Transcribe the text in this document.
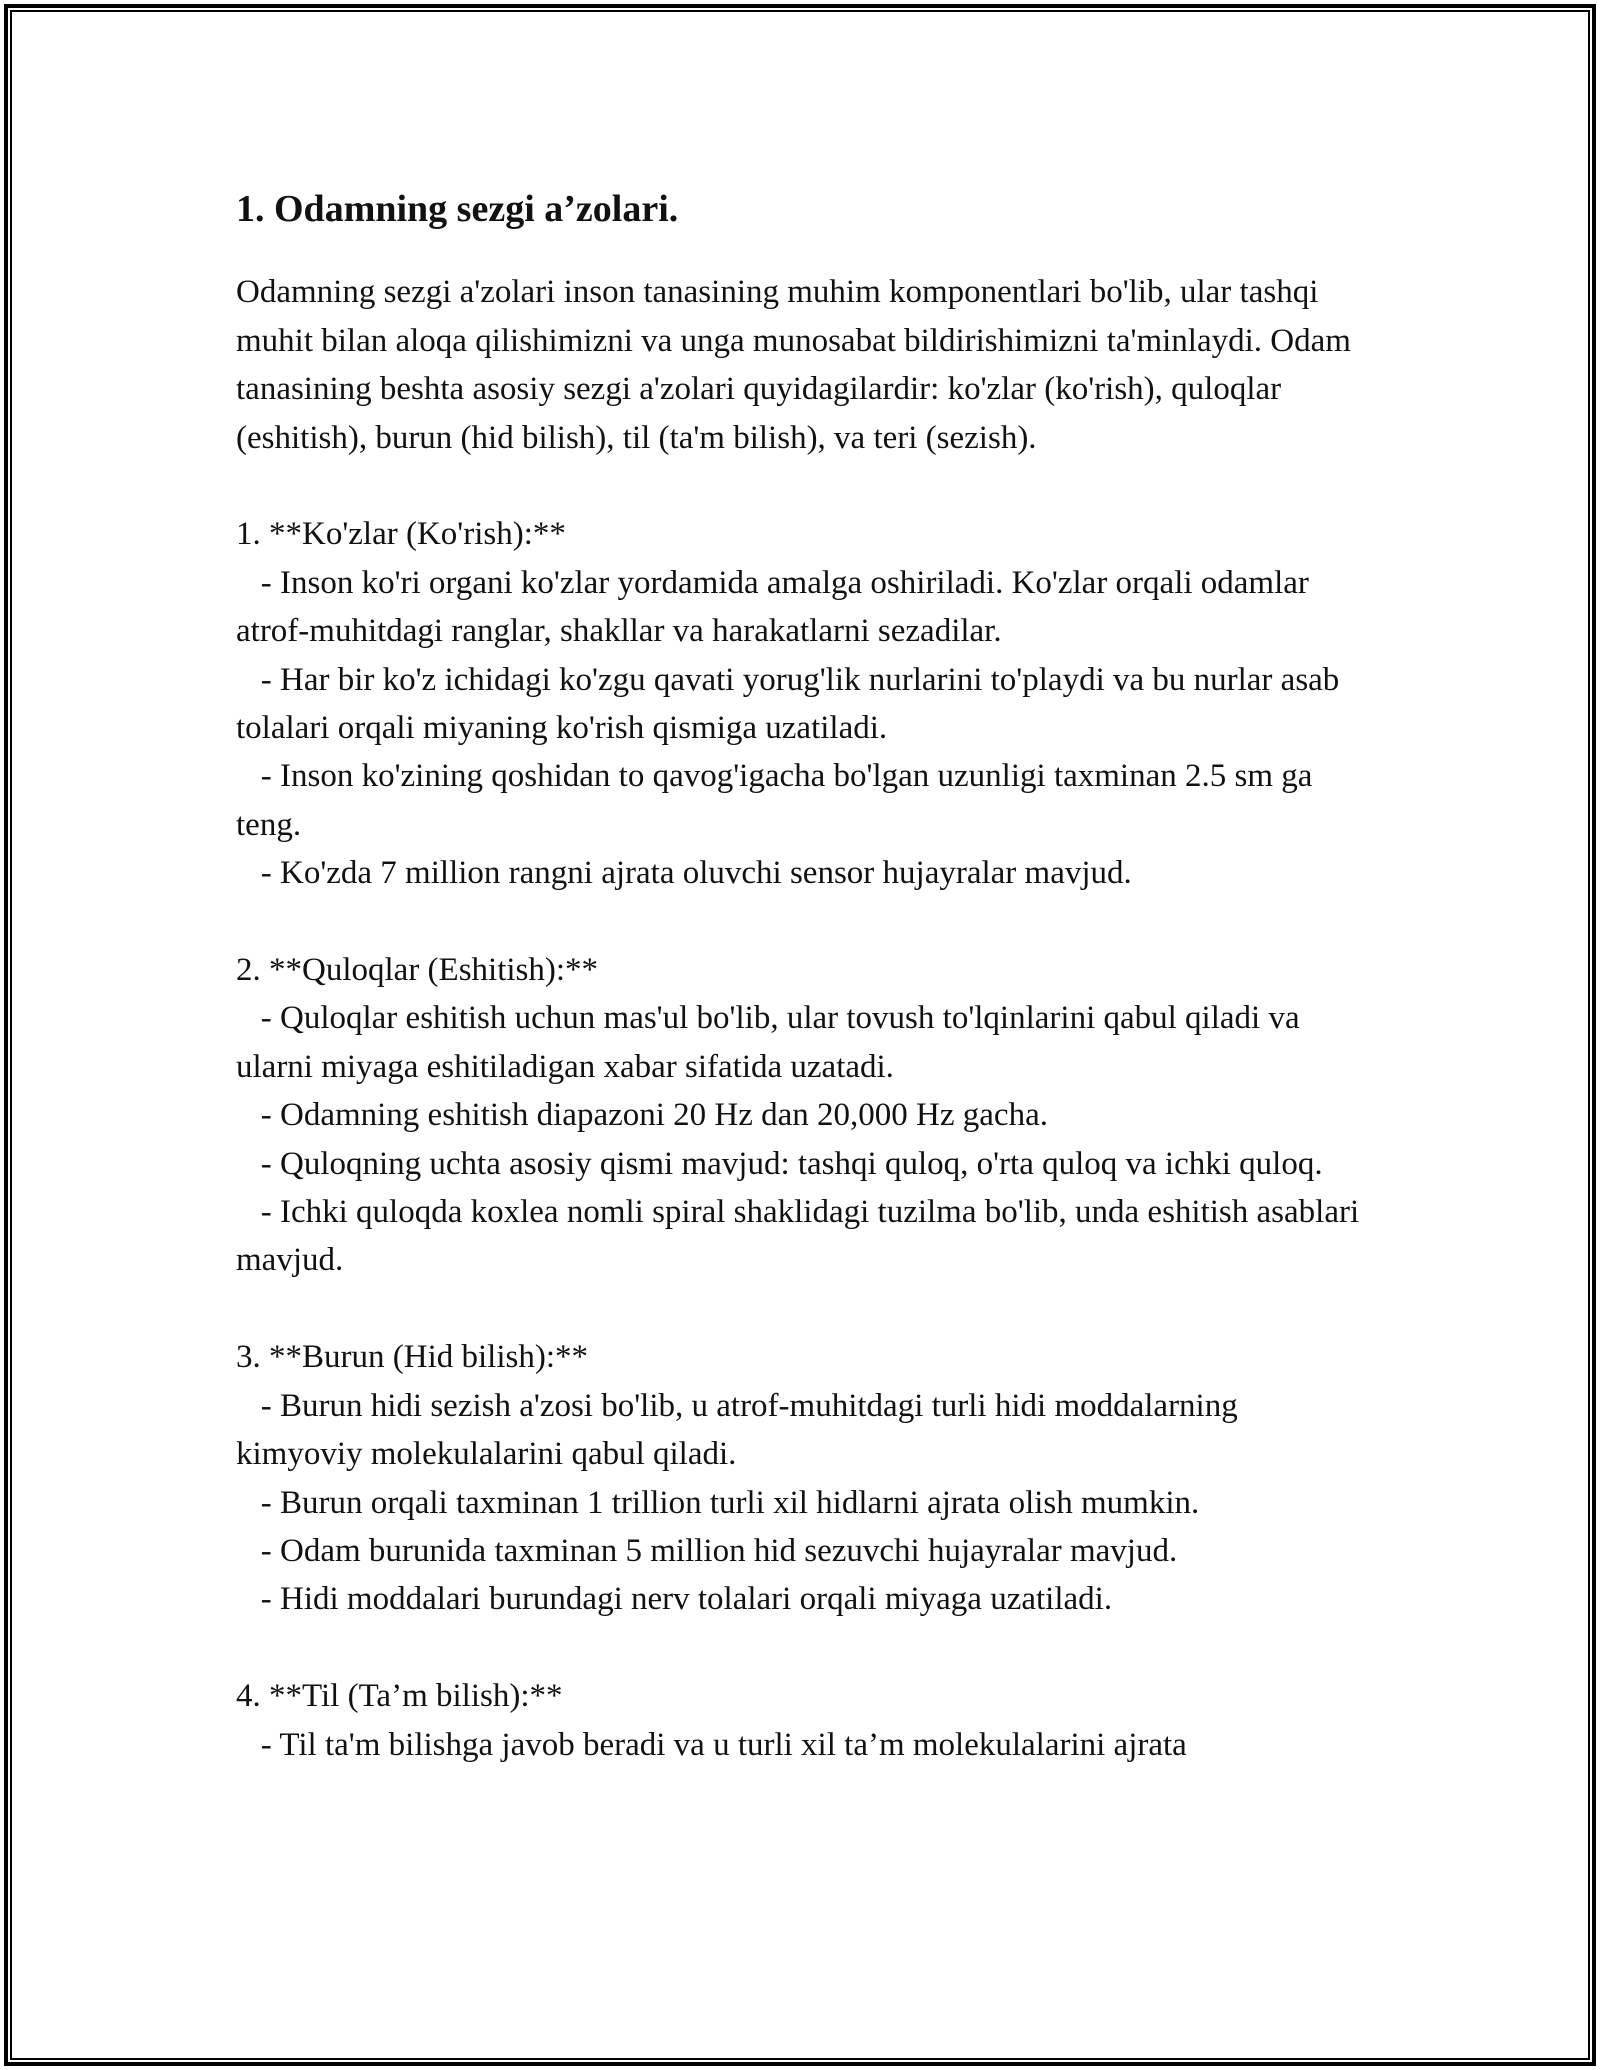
1. Odamning sezgi a’zolari.

Odamning sezgi a'zolari inson tanasining muhim komponentlari bo'lib, ular tashqi muhit bilan aloqa qilishimizni va unga munosabat bildirishimizni ta'minlaydi. Odam tanasining beshta asosiy sezgi a'zolari quyidagilardir: ko'zlar (ko'rish), quloqlar (eshitish), burun (hid bilish), til (ta'm bilish), va teri (sezish).

1. **Ko'zlar (Ko'rish):**

- Inson ko'ri organi ko'zlar yordamida amalga oshiriladi. Ko'zlar orqali odamlar atrof-muhitdagi ranglar, shakllar va harakatlarni sezadilar.

- Har bir ko'z ichidagi ko'zgu qavati yorug'lik nurlarini to'playdi va bu nurlar asab tolalari orqali miyaning ko'rish qismiga uzatiladi.

- Inson ko'zining qoshidan to qavog'igacha bo'lgan uzunligi taxminan 2.5 sm ga teng.

- Ko'zda 7 million rangni ajrata oluvchi sensor hujayralar mavjud.

2. **Quloqlar (Eshitish):**

- Quloqlar eshitish uchun mas'ul bo'lib, ular tovush to'lqinlarini qabul qiladi va ularni miyaga eshitiladigan xabar sifatida uzatadi.

- Odamning eshitish diapazoni 20 Hz dan 20,000 Hz gacha.

- Quloqning uchta asosiy qismi mavjud: tashqi quloq, o'rta quloq va ichki quloq.

- Ichki quloqda koxlea nomli spiral shaklidagi tuzilma bo'lib, unda eshitish asablari mavjud.

3. **Burun (Hid bilish):**

- Burun hidi sezish a'zosi bo'lib, u atrof-muhitdagi turli hidi moddalarning kimyoviy molekulalarini qabul qiladi.

- Burun orqali taxminan 1 trillion turli xil hidlarni ajrata olish mumkin.

- Odam burunida taxminan 5 million hid sezuvchi hujayralar mavjud.

- Hidi moddalari burundagi nerv tolalari orqali miyaga uzatiladi.

4. **Til (Ta’m bilish):**

- Til ta'm bilishga javob beradi va u turli xil ta’m molekulalarini ajrata
